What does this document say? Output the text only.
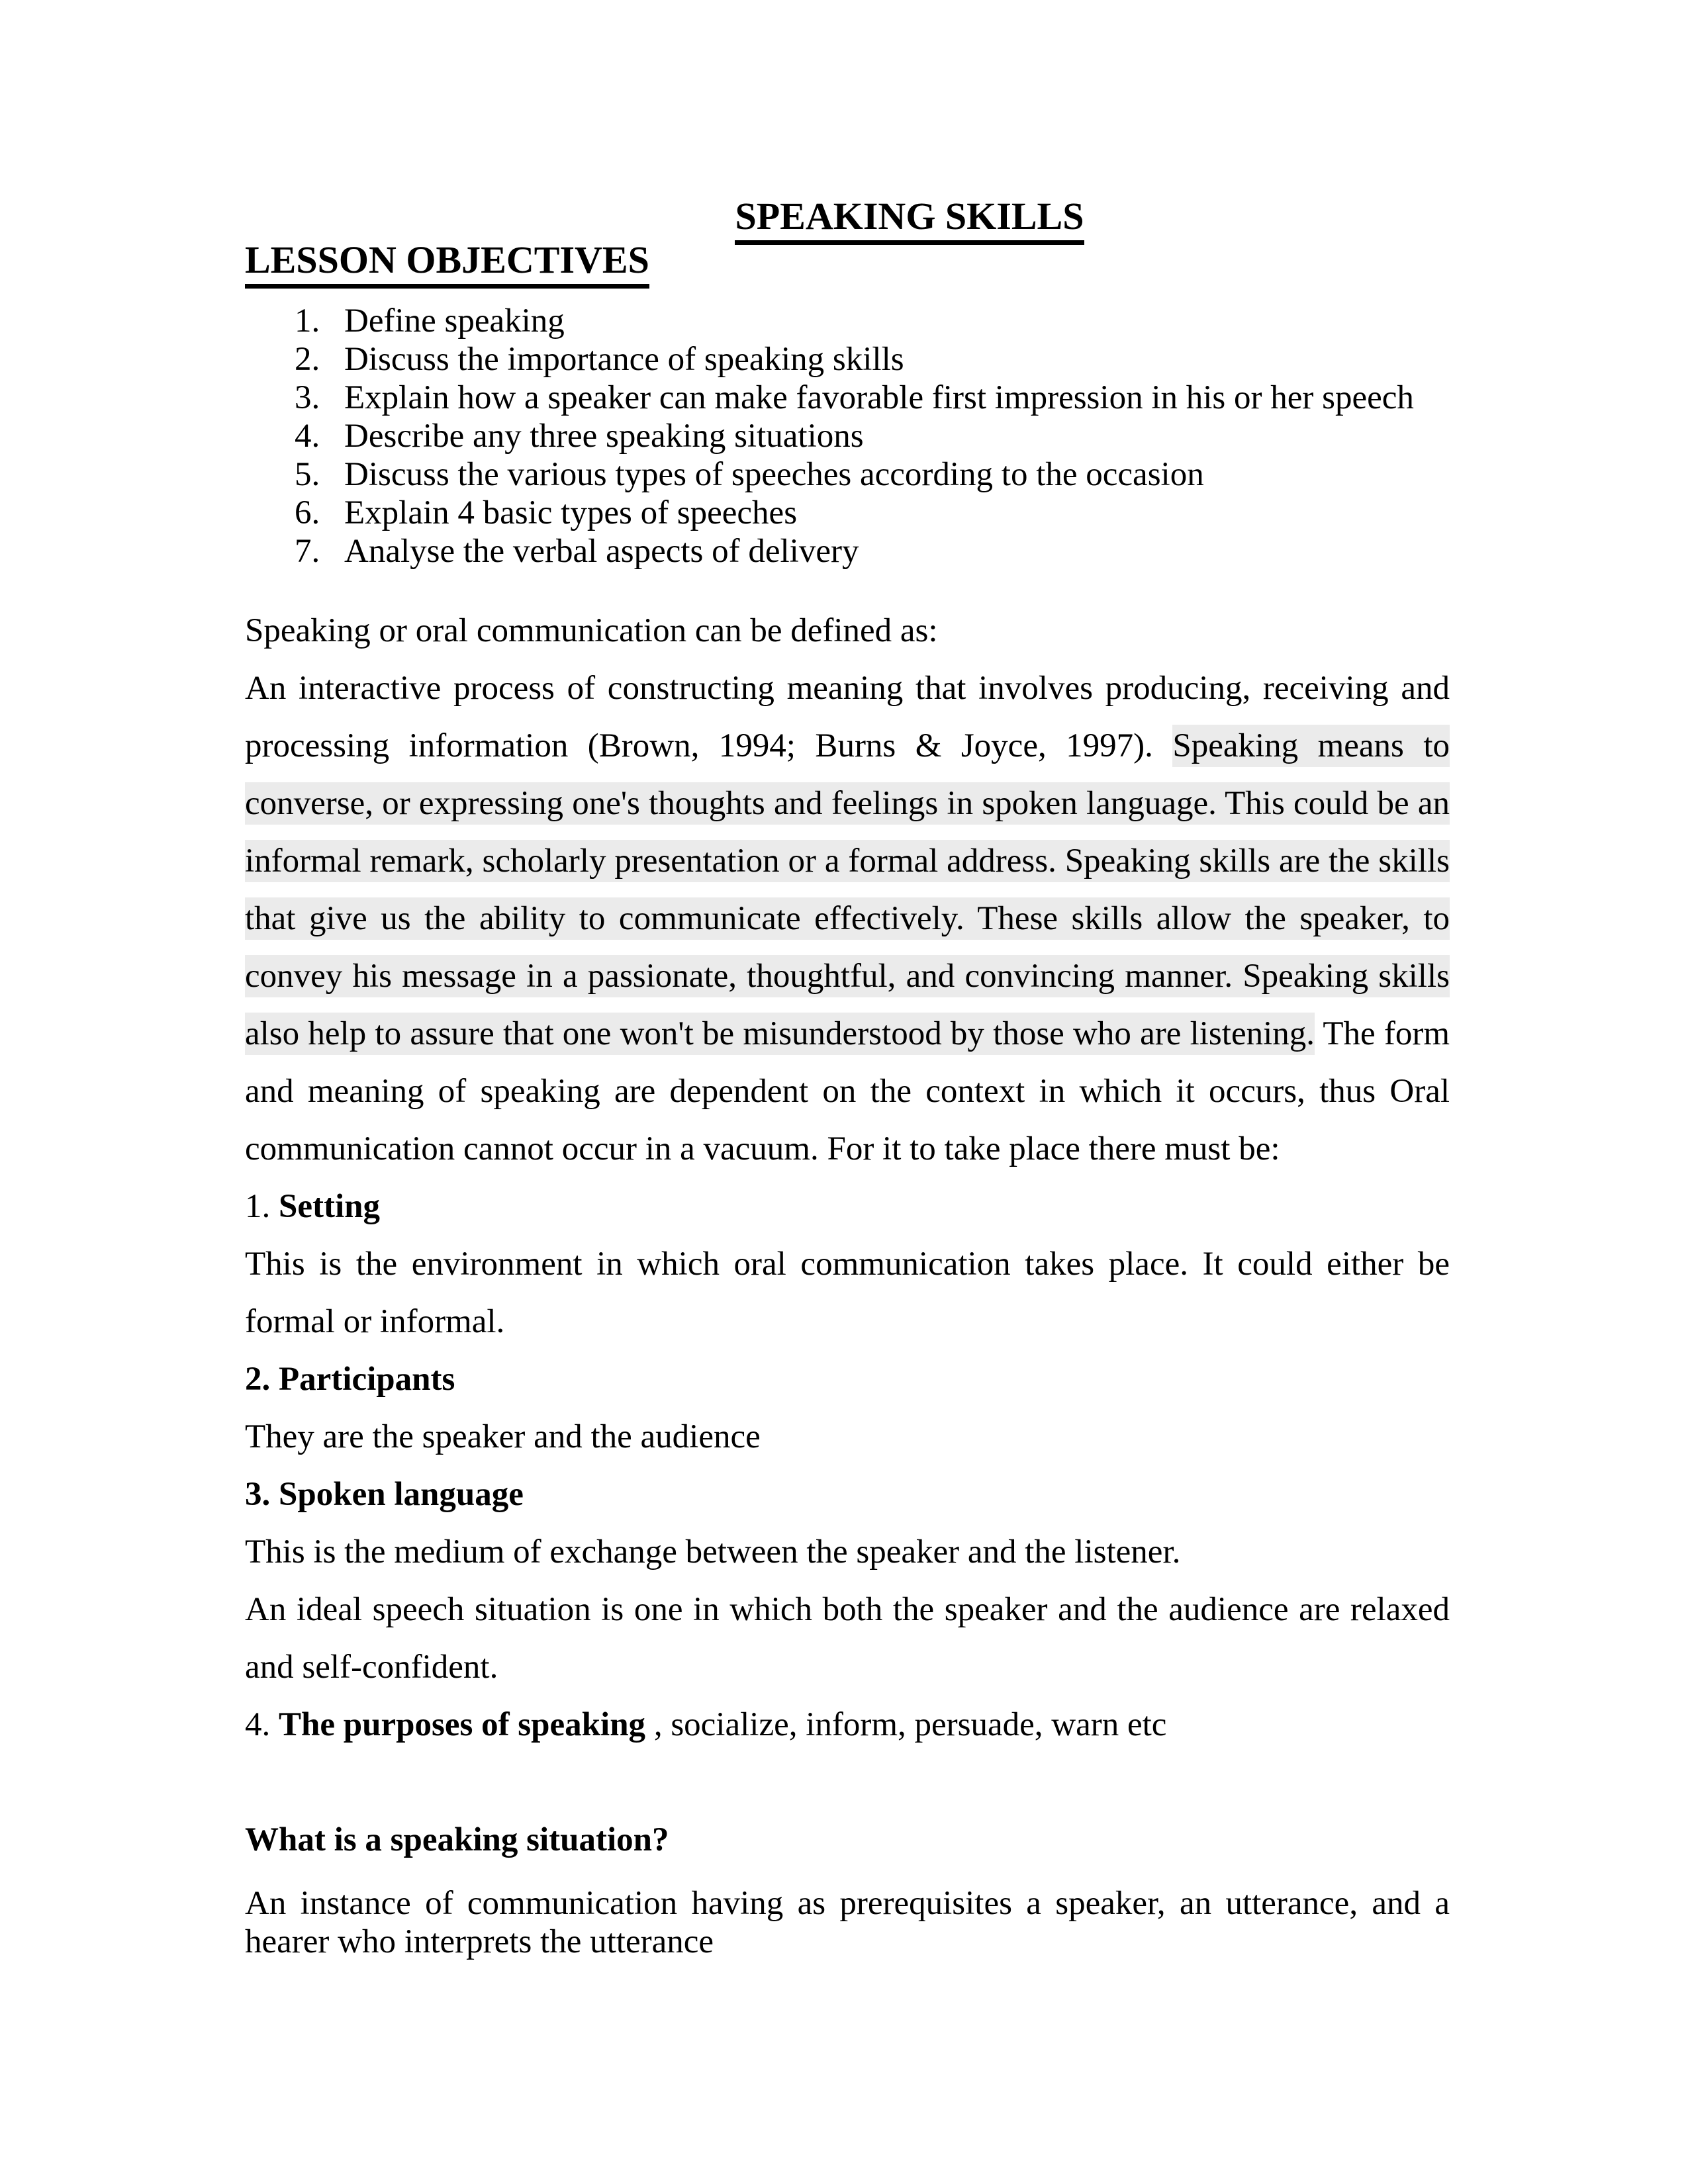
SPEAKING SKILLS
LESSON OBJECTIVES
Define speaking
Discuss the importance of speaking skills
Explain how a speaker can make favorable first impression in his or her speech
Describe any three speaking situations
Discuss the various types of speeches according to the occasion
Explain 4 basic types of speeches
Analyse the verbal aspects of delivery

Speaking or oral communication can be defined as:

An interactive process of constructing meaning that involves producing, receiving and processing information (Brown, 1994; Burns & Joyce, 1997). Speaking means to converse, or expressing one's thoughts and feelings in spoken language. This could be an informal remark, scholarly presentation or a formal address. Speaking skills are the skills that give us the ability to communicate effectively. These skills allow the speaker, to convey his message in a passionate, thoughtful, and convincing manner. Speaking skills also help to assure that one won't be misunderstood by those who are listening. The form and meaning of speaking are dependent on the context in which it occurs, thus Oral communication cannot occur in a vacuum. For it to take place there must be:

1. Setting

This is the environment in which oral communication takes place. It could either be formal or informal.

2. Participants

They are the speaker and the audience

3. Spoken language

This is the medium of exchange between the speaker and the listener.

An ideal speech situation is one in which both the speaker and the audience are relaxed and self-confident.

4. The purposes of speaking , socialize, inform, persuade, warn etc

What is a speaking situation?

An instance of communication having as prerequisites a speaker, an utterance, and a hearer who interprets the utterance
